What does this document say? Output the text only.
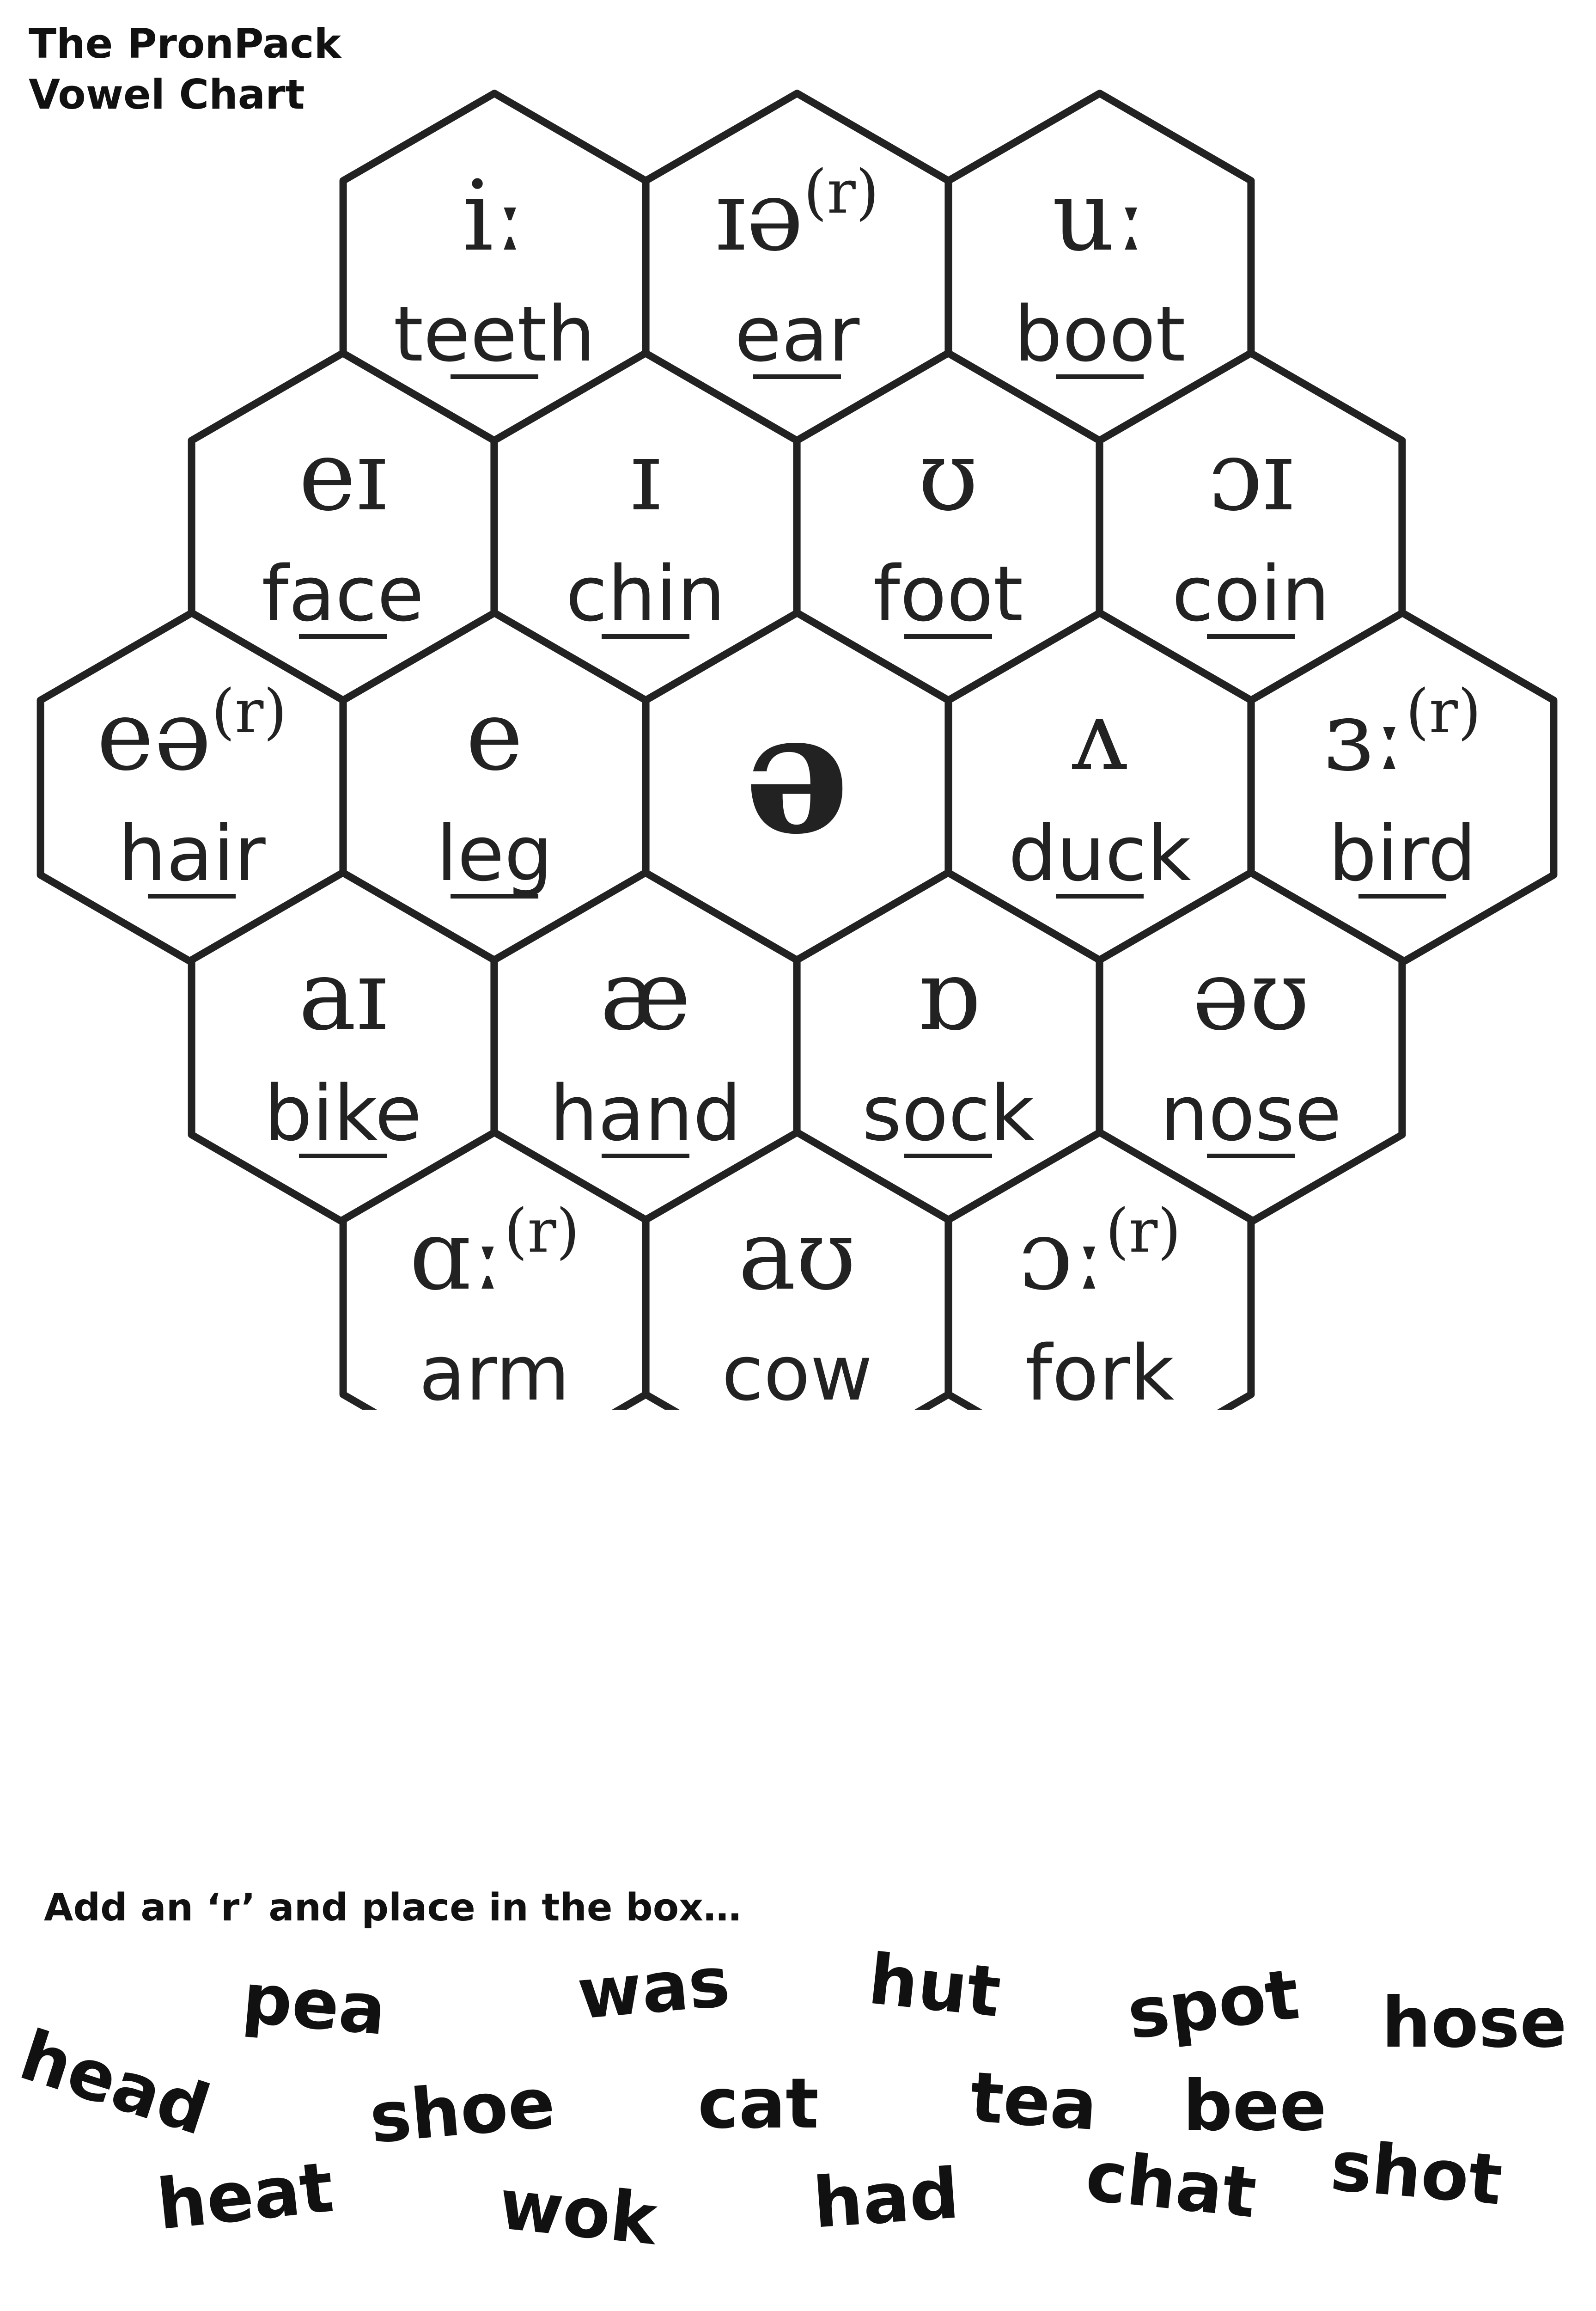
The PronPack
Vowel Chart
iː
teeth
ɪə$^{(r)}$
ear
uː
boot
eɪ
face
ɪ
chin
ʊ
foot
ɔɪ
coin
eə$^{(r)}$
hair
e
leg ə ʌ
duck
ɜː$^{(r)}$
bird
aɪ
bike
æ
hand
ɒ
sock
əʊ
nose
ɑː$^{(r)}$
arm
aʊ
cow
ɔː$^{(r)}$
fork
Add an ‘r’ and place in the box…
head
pea	was hut spot hose
shoe cat tea bee
heat wok had chat shot
